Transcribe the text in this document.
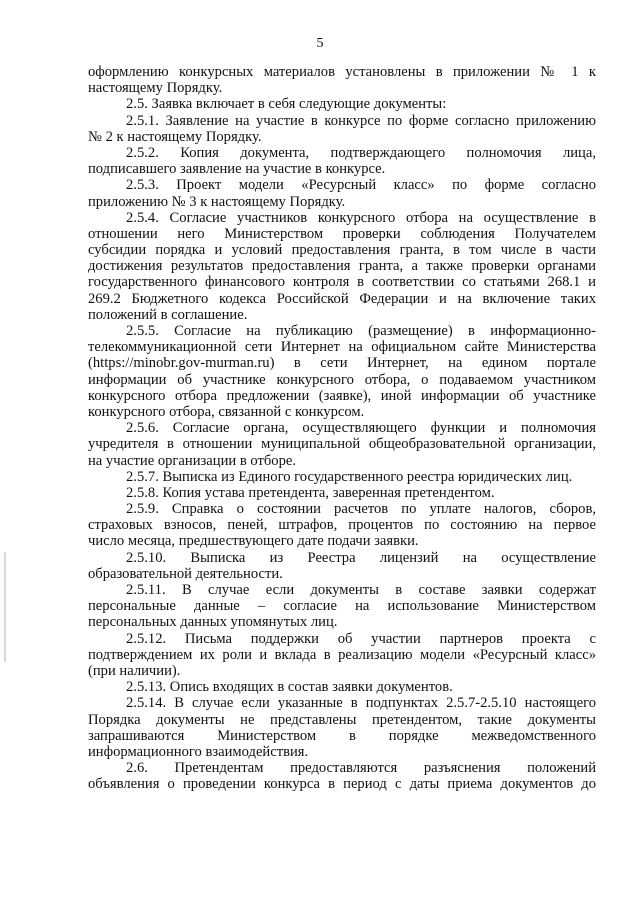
5
оформлению конкурсных материалов установлены в приложении № 1 к
настоящему Порядку.
2.5. Заявка включает в себя следующие документы:
2.5.1. Заявление на участие в конкурсе по форме согласно приложению
№ 2 к настоящему Порядку.
2.5.2. Копия документа, подтверждающего полномочия лица,
подписавшего заявление на участие в конкурсе.
2.5.3. Проект модели «Ресурсный класс» по форме согласно
приложению № 3 к настоящему Порядку.
2.5.4. Согласие участников конкурсного отбора на осуществление в
отношении него Министерством проверки соблюдения Получателем
субсидии порядка и условий предоставления гранта, в том числе в части
достижения результатов предоставления гранта, а также проверки органами
государственного финансового контроля в соответствии со статьями 268.1 и
269.2 Бюджетного кодекса Российской Федерации и на включение таких
положений в соглашение.
2.5.5. Согласие на публикацию (размещение) в информационно-
телекоммуникационной сети Интернет на официальном сайте Министерства
(https://minobr.gov-murman.ru) в сети Интернет, на едином портале
информации об участнике конкурсного отбора, о подаваемом участником
конкурсного отбора предложении (заявке), иной информации об участнике
конкурсного отбора, связанной с конкурсом.
2.5.6. Согласие органа, осуществляющего функции и полномочия
учредителя в отношении муниципальной общеобразовательной организации,
на участие организации в отборе.
2.5.7. Выписка из Единого государственного реестра юридических лиц.
2.5.8. Копия устава претендента, заверенная претендентом.
2.5.9. Справка о состоянии расчетов по уплате налогов, сборов,
страховых взносов, пеней, штрафов, процентов по состоянию на первое
число месяца, предшествующего дате подачи заявки.
2.5.10. Выписка из Реестра лицензий на осуществление
образовательной деятельности.
2.5.11. В случае если документы в составе заявки содержат
персональные данные – согласие на использование Министерством
персональных данных упомянутых лиц.
2.5.12. Письма поддержки об участии партнеров проекта с
подтверждением их роли и вклада в реализацию модели «Ресурсный класс»
(при наличии).
2.5.13. Опись входящих в состав заявки документов.
2.5.14. В случае если указанные в подпунктах 2.5.7-2.5.10 настоящего
Порядка документы не представлены претендентом, такие документы
запрашиваются Министерством в порядке межведомственного
информационного взаимодействия.
2.6. Претендентам предоставляются разъяснения положений
объявления о проведении конкурса в период с даты приема документов до
